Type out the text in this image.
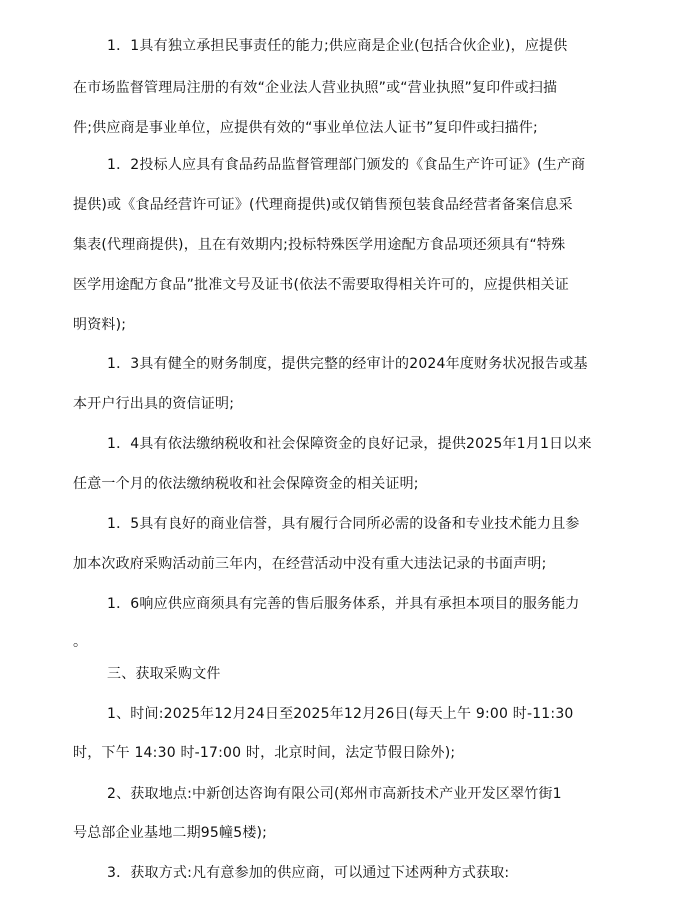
1．1具有独立承担民事责任的能力;供应商是企业(包括合伙企业)，应提供
在市场监督管理局注册的有效“企业法人营业执照”或“营业执照”复印件或扫描
件;供应商是事业单位，应提供有效的“事业单位法人证书”复印件或扫描件;
1．2投标人应具有食品药品监督管理部门颁发的《食品生产许可证》(生产商
提供)或《食品经营许可证》(代理商提供)或仅销售预包装食品经营者备案信息采
集表(代理商提供)，且在有效期内;投标特殊医学用途配方食品项还须具有“特殊
医学用途配方食品”批准文号及证书(依法不需要取得相关许可的，应提供相关证
明资料);
1．3具有健全的财务制度，提供完整的经审计的2024年度财务状况报告或基
本开户行出具的资信证明;
1．4具有依法缴纳税收和社会保障资金的良好记录，提供2025年1月1日以来
任意一个月的依法缴纳税收和社会保障资金的相关证明;
1．5具有良好的商业信誉，具有履行合同所必需的设备和专业技术能力且参
加本次政府采购活动前三年内，在经营活动中没有重大违法记录的书面声明;
1．6响应供应商须具有完善的售后服务体系，并具有承担本项目的服务能力
。
三、获取采购文件
1、时间:2025年12月24日至2025年12月26日(每天上午 9:00 时-11:30
时，下午 14:30 时-17:00 时，北京时间，法定节假日除外);
2、获取地点:中新创达咨询有限公司(郑州市高新技术产业开发区翠竹街1
号总部企业基地二期95幢5楼);
3．获取方式:凡有意参加的供应商，可以通过下述两种方式获取:
